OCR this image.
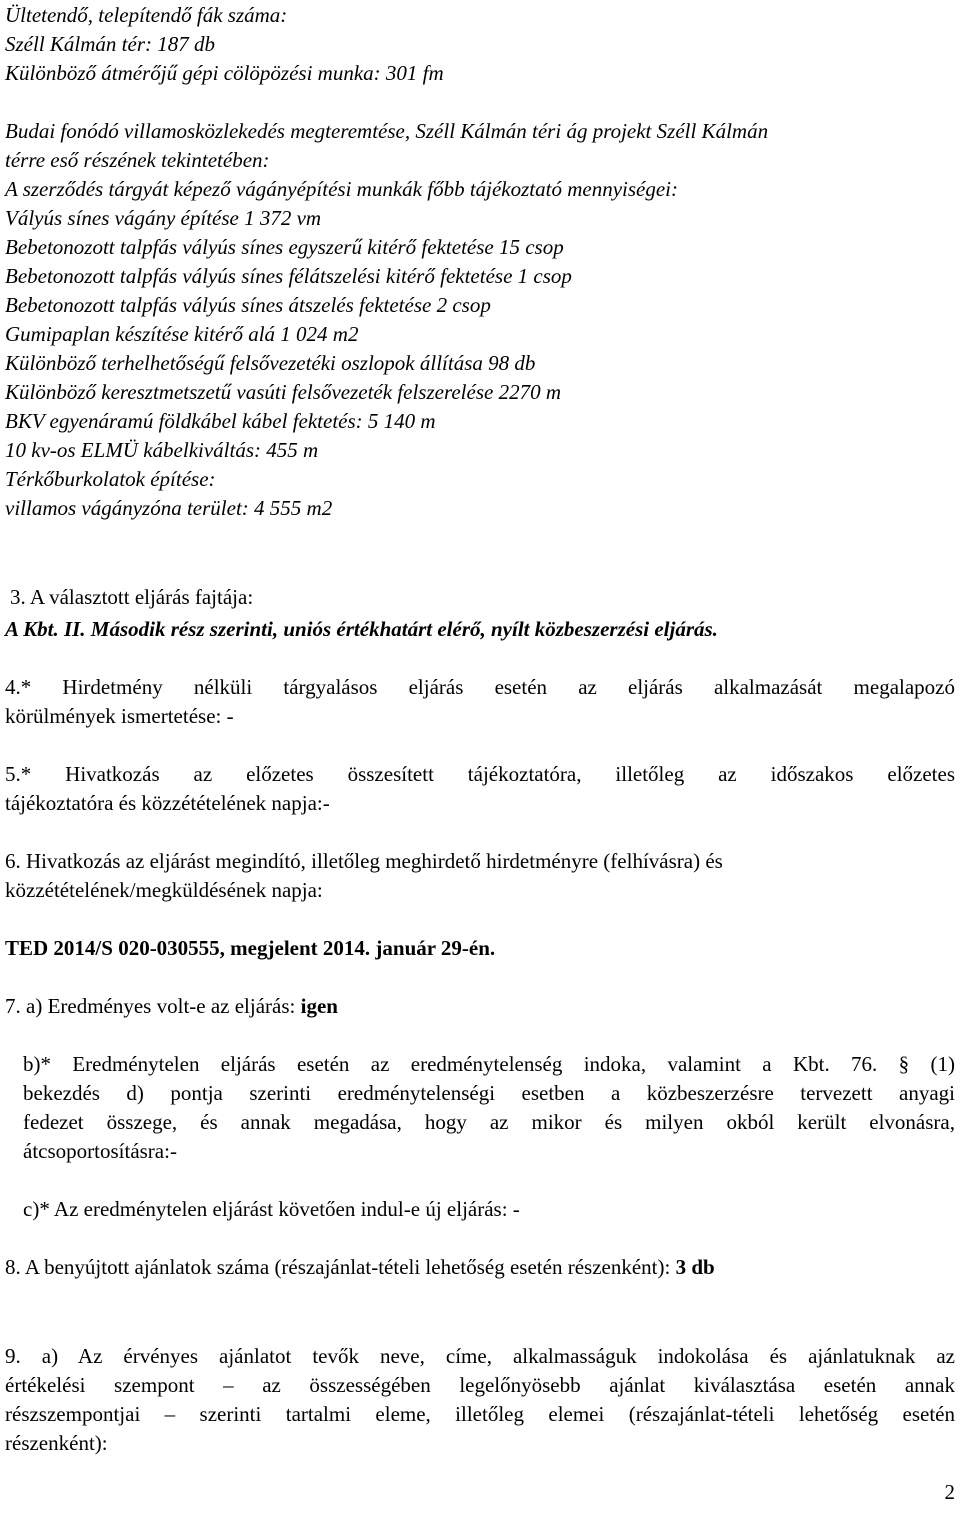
Ültetendő, telepítendő fák száma:
Széll Kálmán tér: 187 db
Különböző átmérőjű gépi cölöpözési munka: 301 fm
Budai fonódó villamosközlekedés megteremtése, Széll Kálmán téri ág projekt Széll Kálmán
térre eső részének tekintetében:
A szerződés tárgyát képező vágányépítési munkák főbb tájékoztató mennyiségei:
Vályús sínes vágány építése 1 372 vm
Bebetonozott talpfás vályús sínes egyszerű kitérő fektetése 15 csop
Bebetonozott talpfás vályús sínes félátszelési kitérő fektetése 1 csop
Bebetonozott talpfás vályús sínes átszelés fektetése 2 csop
Gumipaplan készítése kitérő alá 1 024 m2
Különböző terhelhetőségű felsővezetéki oszlopok állítása 98 db
Különböző keresztmetszetű vasúti felsővezeték felszerelése 2270 m
BKV egyenáramú földkábel kábel fektetés: 5 140 m
10 kv-os ELMÜ kábelkiváltás: 455 m
Térkőburkolatok építése:
villamos vágányzóna terület: 4 555 m2
3. A választott eljárás fajtája:
A Kbt. II. Második rész szerinti, uniós értékhatárt elérő, nyílt közbeszerzési eljárás.
4.* Hirdetmény nélküli tárgyalásos eljárás esetén az eljárás alkalmazását megalapozó
körülmények ismertetése: -
5.* Hivatkozás az előzetes összesített tájékoztatóra, illetőleg az időszakos előzetes
tájékoztatóra és közzétételének napja:-
6. Hivatkozás az eljárást megindító, illetőleg meghirdető hirdetményre (felhívásra) és
közzétételének/megküldésének napja:
TED 2014/S 020-030555, megjelent 2014. január 29-én.
7. a) Eredményes volt-e az eljárás: igen
b)* Eredménytelen eljárás esetén az eredménytelenség indoka, valamint a Kbt. 76. § (1)
bekezdés d) pontja szerinti eredménytelenségi esetben a közbeszerzésre tervezett anyagi
fedezet összege, és annak megadása, hogy az mikor és milyen okból került elvonásra,
átcsoportosításra:-
c)* Az eredménytelen eljárást követően indul-e új eljárás: -
8. A benyújtott ajánlatok száma (részajánlat-tételi lehetőség esetén részenként): 3 db
9. a) Az érvényes ajánlatot tevők neve, címe, alkalmasságuk indokolása és ajánlatuknak az
értékelési szempont – az összességében legelőnyösebb ajánlat kiválasztása esetén annak
részszempontjai – szerinti tartalmi eleme, illetőleg elemei (részajánlat-tételi lehetőség esetén
részenként):
2
